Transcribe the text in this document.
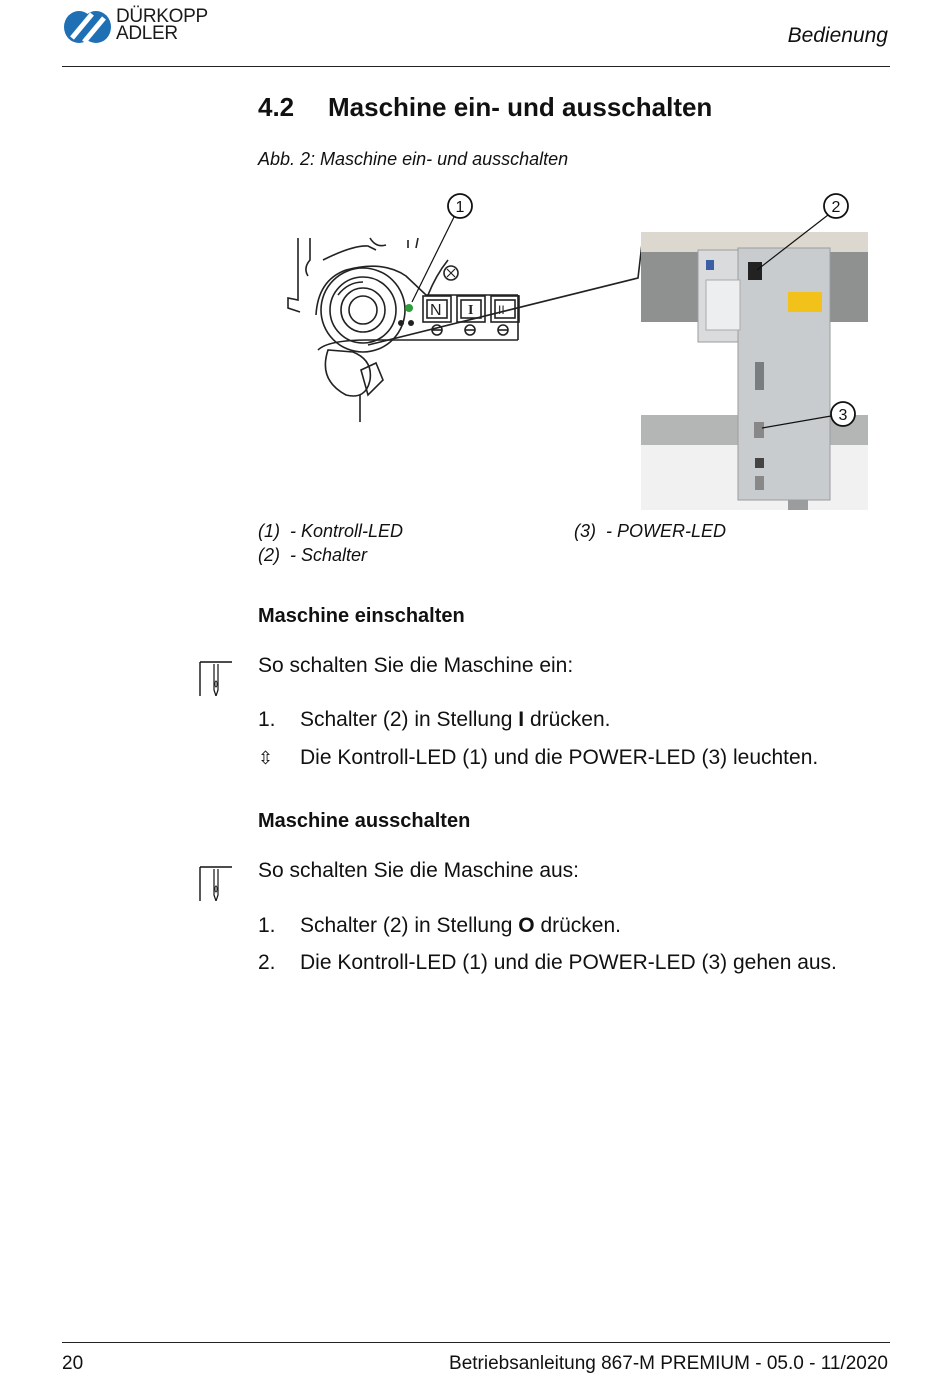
DÜRKOPP
ADLER	Bedienung
4.2 Maschine ein- und ausschalten
Abb. 2: Maschine ein- und ausschalten
N I II
1	2
3
(1) - Kontroll-LED
(2) - Schalter
(3) - POWER-LED
Maschine einschalten
So schalten Sie die Maschine ein:
1. Schalter (2) in Stellung I drücken.
⇳ Die Kontroll-LED (1) und die POWER-LED (3) leuchten.
Maschine ausschalten
So schalten Sie die Maschine aus:
1. Schalter (2) in Stellung O drücken.
2. Die Kontroll-LED (1) und die POWER-LED (3) gehen aus.
20	Betriebsanleitung 867-M PREMIUM - 05.0 - 11/2020
